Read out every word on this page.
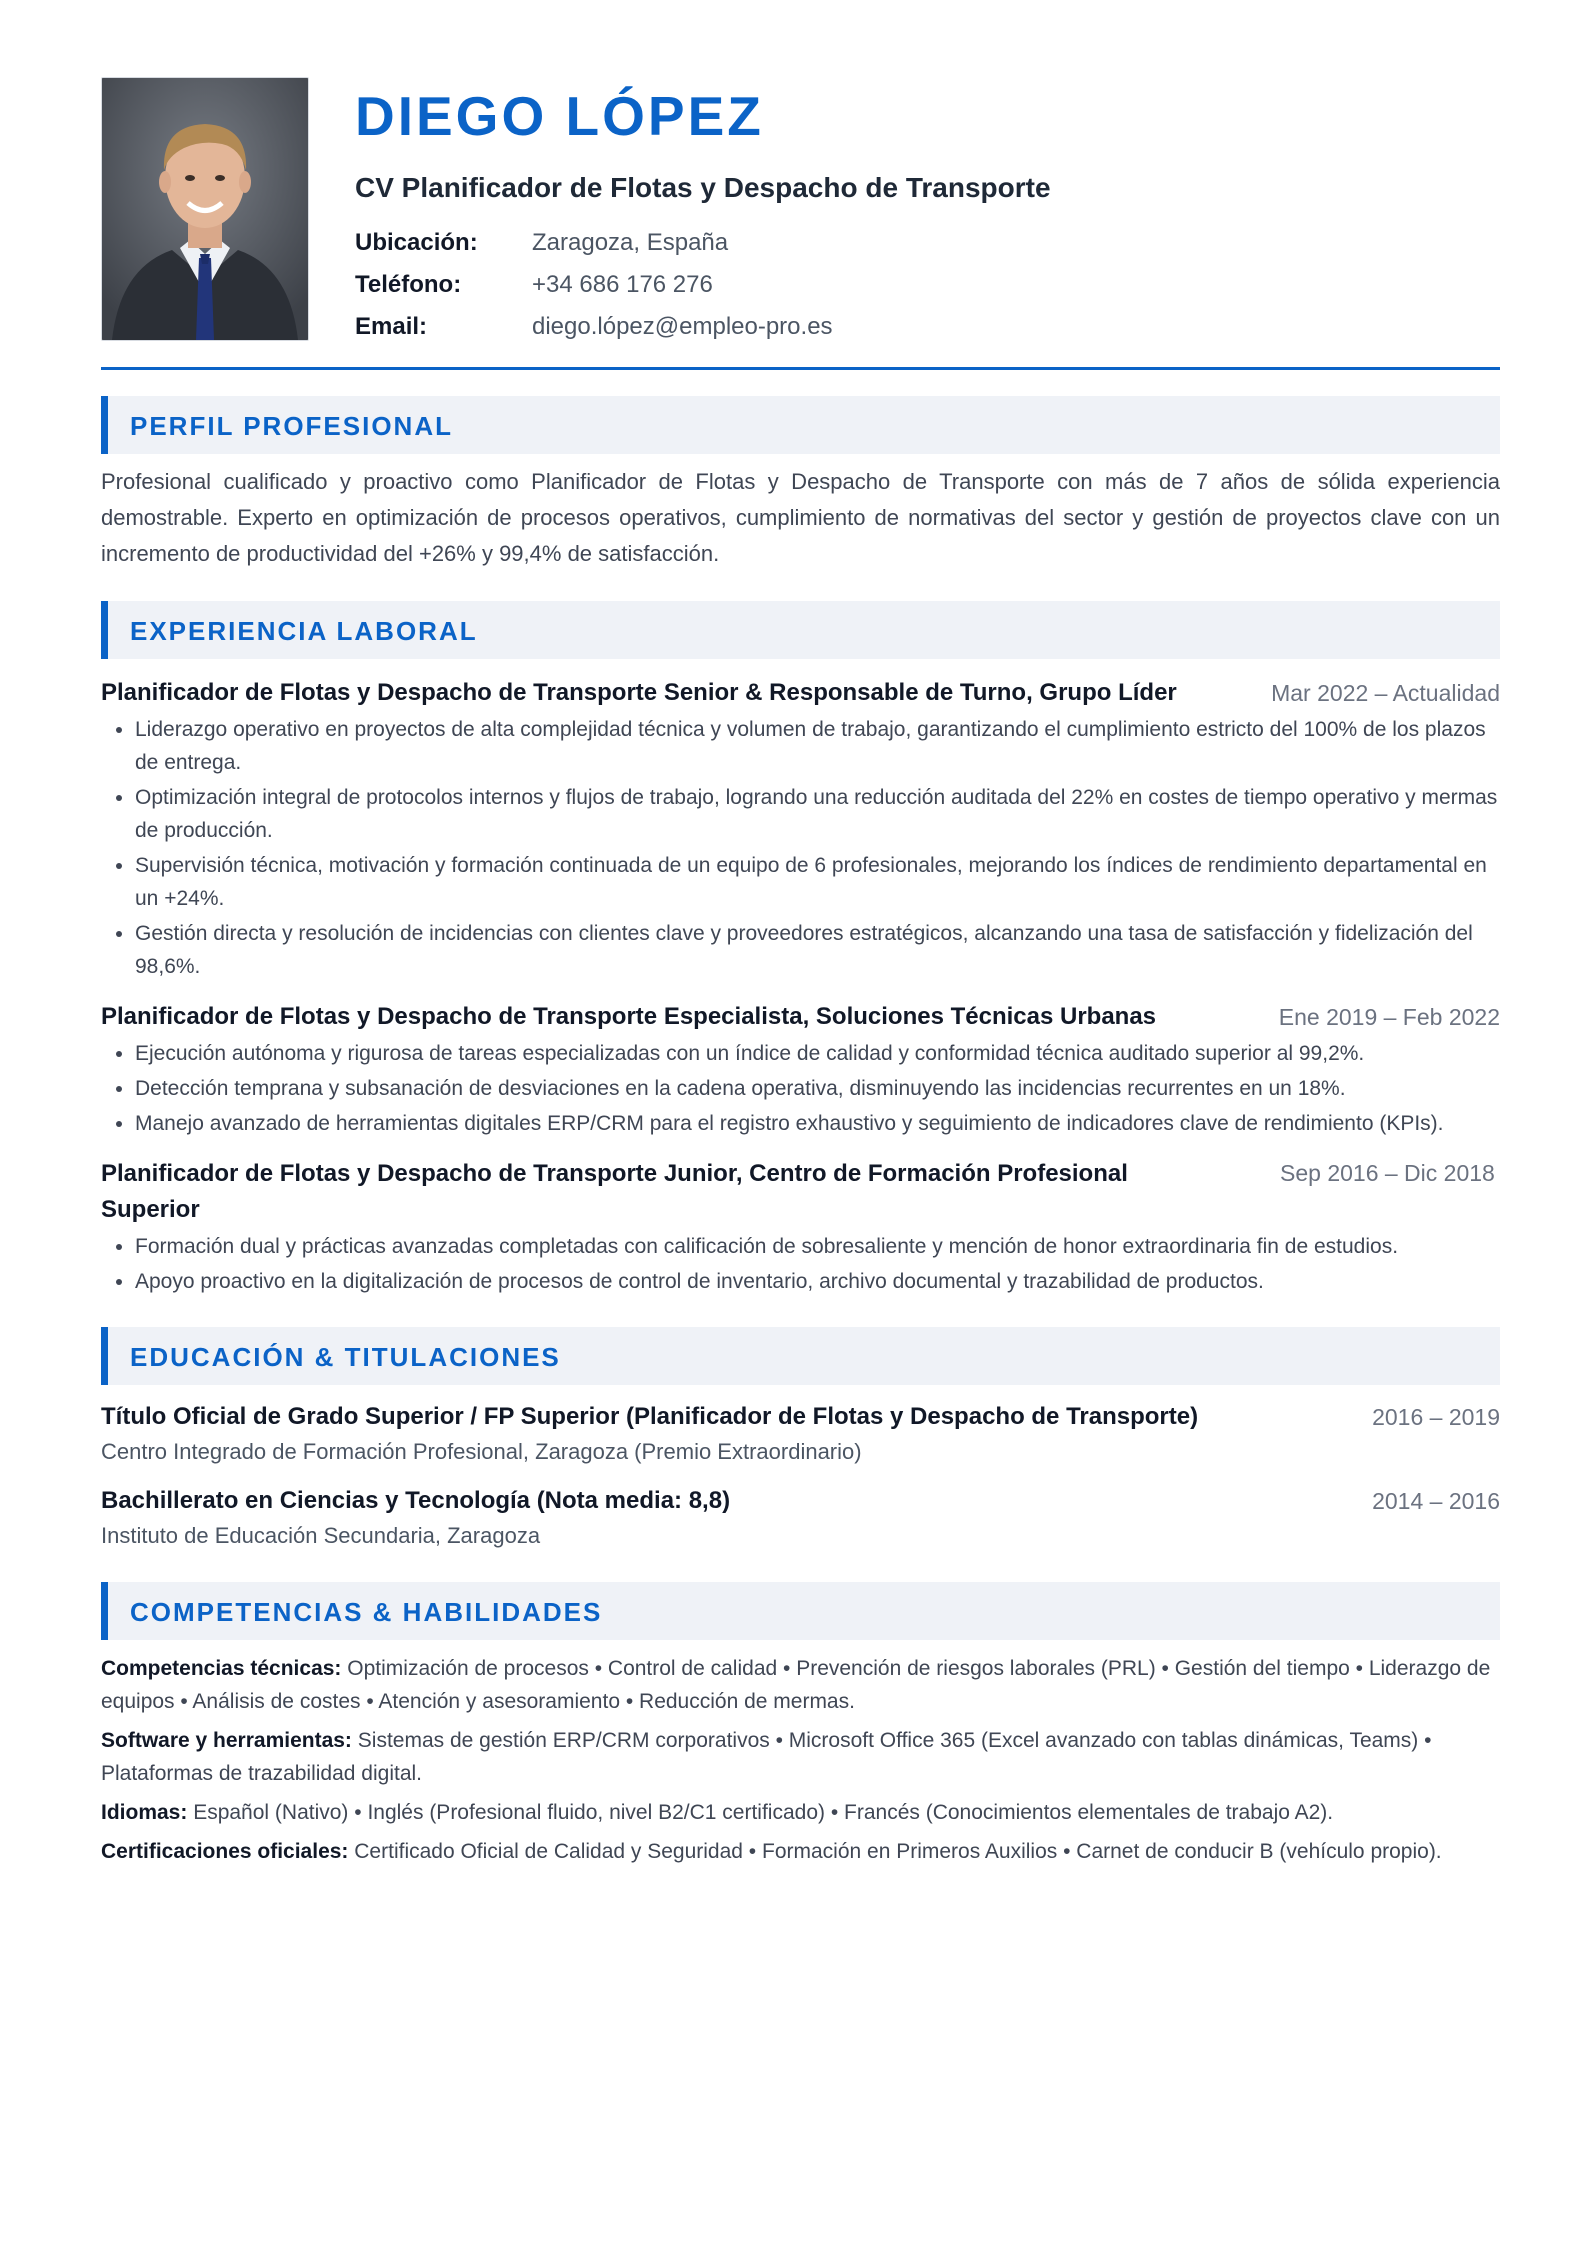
DIEGO LÓPEZ
CV Planificador de Flotas y Despacho de Transporte
Ubicación:	Zaragoza, España
Teléfono:	+34 686 176 276
Email:	diego.lópez@empleo-pro.es
PERFIL PROFESIONAL
Profesional cualificado y proactivo como Planificador de Flotas y Despacho de Transporte con más de 7 años de sólida experiencia demostrable. Experto en optimización de procesos operativos, cumplimiento de normativas del sector y gestión de proyectos clave con un incremento de productividad del +26% y 99,4% de satisfacción.
EXPERIENCIA LABORAL
Planificador de Flotas y Despacho de Transporte Senior & Responsable de Turno, Grupo Líder	Mar 2022 – Actualidad
• Liderazgo operativo en proyectos de alta complejidad técnica y volumen de trabajo, garantizando el cumplimiento estricto del 100% de los plazos de entrega.
• Optimización integral de protocolos internos y flujos de trabajo, logrando una reducción auditada del 22% en costes de tiempo operativo y mermas de producción.
• Supervisión técnica, motivación y formación continuada de un equipo de 6 profesionales, mejorando los índices de rendimiento departamental en un +24%.
• Gestión directa y resolución de incidencias con clientes clave y proveedores estratégicos, alcanzando una tasa de satisfacción y fidelización del 98,6%.
Planificador de Flotas y Despacho de Transporte Especialista, Soluciones Técnicas Urbanas	Ene 2019 – Feb 2022
• Ejecución autónoma y rigurosa de tareas especializadas con un índice de calidad y conformidad técnica auditado superior al 99,2%.
• Detección temprana y subsanación de desviaciones en la cadena operativa, disminuyendo las incidencias recurrentes en un 18%.
• Manejo avanzado de herramientas digitales ERP/CRM para el registro exhaustivo y seguimiento de indicadores clave de rendimiento (KPIs).
Planificador de Flotas y Despacho de Transporte Junior, Centro de Formación Profesional Superior
Sep 2016 – Dic 2018
• Formación dual y prácticas avanzadas completadas con calificación de sobresaliente y mención de honor extraordinaria fin de estudios.
• Apoyo proactivo en la digitalización de procesos de control de inventario, archivo documental y trazabilidad de productos.
EDUCACIÓN & TITULACIONES
Título Oficial de Grado Superior / FP Superior (Planificador de Flotas y Despacho de Transporte)	2016 – 2019
Centro Integrado de Formación Profesional, Zaragoza (Premio Extraordinario)
Bachillerato en Ciencias y Tecnología (Nota media: 8,8)	2014 – 2016
Instituto de Educación Secundaria, Zaragoza
COMPETENCIAS & HABILIDADES
Competencias técnicas: Optimización de procesos • Control de calidad • Prevención de riesgos laborales (PRL) • Gestión del tiempo • Liderazgo de equipos • Análisis de costes • Atención y asesoramiento • Reducción de mermas.
Software y herramientas: Sistemas de gestión ERP/CRM corporativos • Microsoft Office 365 (Excel avanzado con tablas dinámicas, Teams) • Plataformas de trazabilidad digital.
Idiomas: Español (Nativo) • Inglés (Profesional fluido, nivel B2/C1 certificado) • Francés (Conocimientos elementales de trabajo A2).
Certificaciones oficiales: Certificado Oficial de Calidad y Seguridad • Formación en Primeros Auxilios • Carnet de conducir B (vehículo propio).
